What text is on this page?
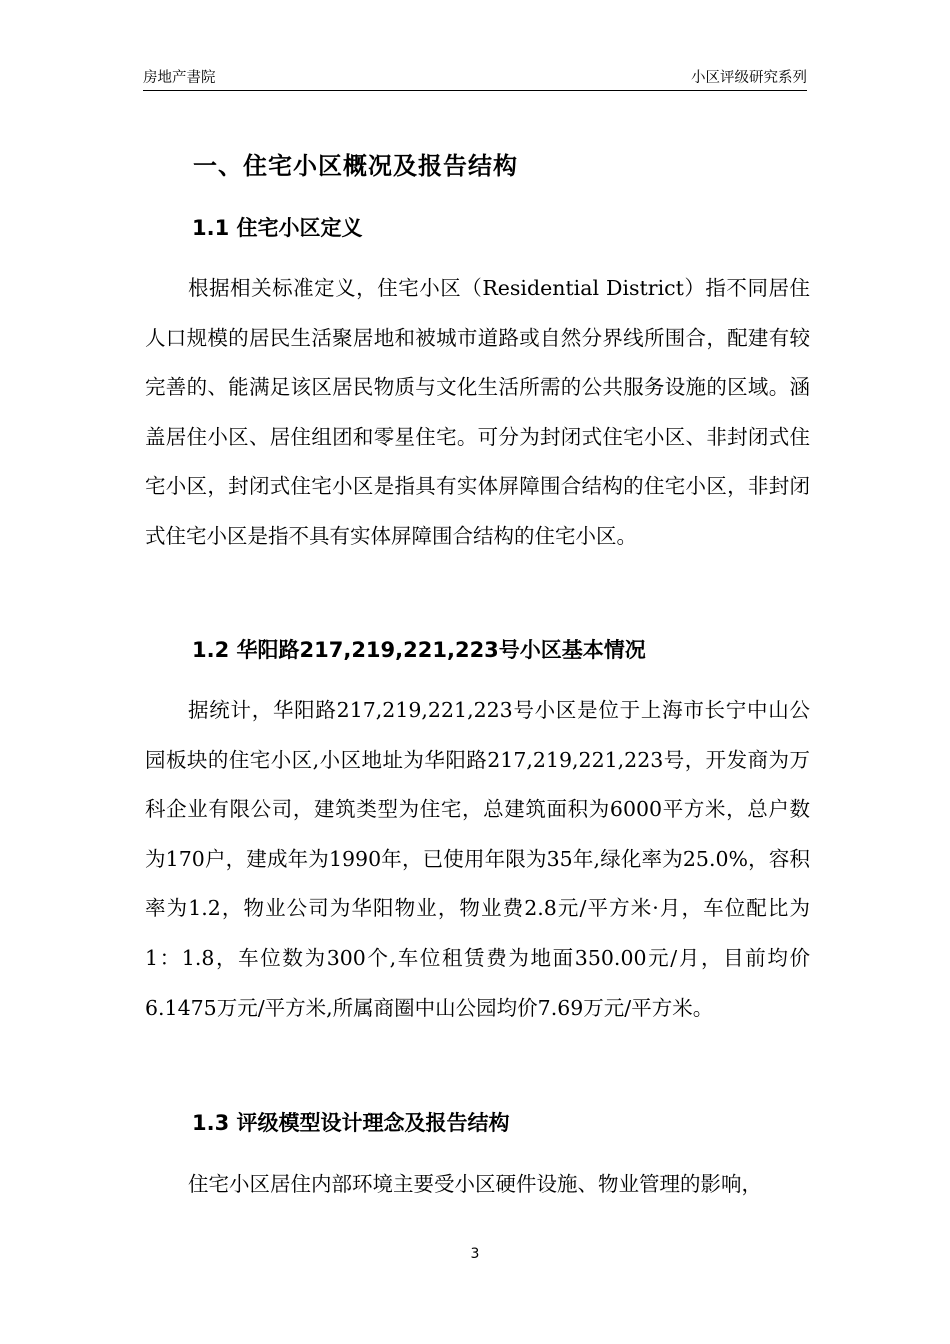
房地产書院	小区评级研究系列
一、住宅小区概况及报告结构
1.1 住宅小区定义
根据相关标准定义，住宅小区（Residential District）指不同居住人口规模的居民生活聚居地和被城市道路或自然分界线所围合，配建有较完善的、能满足该区居民物质与文化生活所需的公共服务设施的区域。涵盖居住小区、居住组团和零星住宅。可分为封闭式住宅小区、非封闭式住宅小区，封闭式住宅小区是指具有实体屏障围合结构的住宅小区，非封闭式住宅小区是指不具有实体屏障围合结构的住宅小区。
1.2 华阳路217,219,221,223号小区基本情况
据统计，华阳路217,219,221,223号小区是位于上海市长宁中山公园板块的住宅小区,小区地址为华阳路217,219,221,223号，开发商为万科企业有限公司，建筑类型为住宅，总建筑面积为6000平方米，总户数为170户，建成年为1990年，已使用年限为35年,绿化率为25.0%，容积率为1.2，物业公司为华阳物业，物业费2.8元/平方米·月，车位配比为1：1.8，车位数为300个,车位租赁费为地面350.00元/月，目前均价6.1475万元/平方米,所属商圈中山公园均价7.69万元/平方米。
1.3 评级模型设计理念及报告结构
住宅小区居住内部环境主要受小区硬件设施、物业管理的影响，
3
